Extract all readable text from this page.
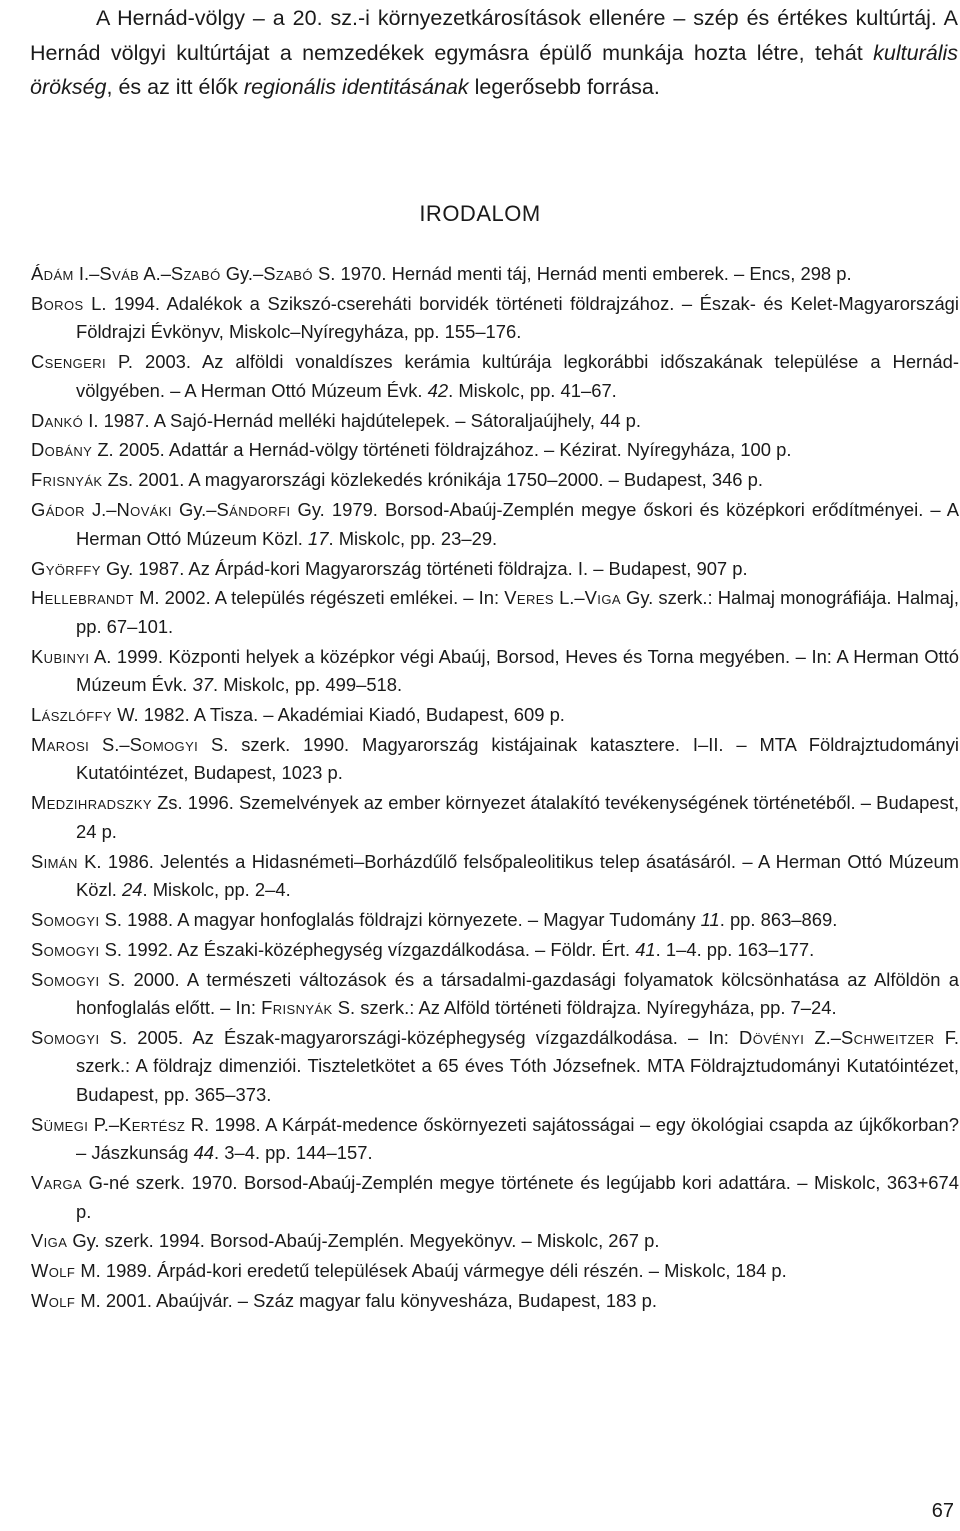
A Hernád-völgy – a 20. sz.-i környezetkárosítások ellenére – szép és értékes kultúrtáj. A Hernád völgyi kultúrtájat a nemzedékek egymásra épülő munkája hozta létre, tehát kulturális örökség, és az itt élők regionális identitásának legerősebb forrása.

IRODALOM
Ádám I.–Sváb A.–Szabó Gy.–Szabó S. 1970. Hernád menti táj, Hernád menti emberek. – Encs, 298 p.
Boros L. 1994. Adalékok a Szikszó-csereháti borvidék történeti földrajzához. – Észak- és Kelet-Magyarországi Földrajzi Évkönyv, Miskolc–Nyíregyháza, pp. 155–176.
Csengeri P. 2003. Az alföldi vonaldíszes kerámia kultúrája legkorábbi időszakának települése a Hernád-völgyében. – A Herman Ottó Múzeum Évk. 42. Miskolc, pp. 41–67.
Dankó I. 1987. A Sajó-Hernád melléki hajdútelepek. – Sátoraljaújhely, 44 p.
Dobány Z. 2005. Adattár a Hernád-völgy történeti földrajzához. – Kézirat. Nyíregyháza, 100 p.
Frisnyák Zs. 2001. A magyarországi közlekedés krónikája 1750–2000. – Budapest, 346 p.
Gádor J.–Nováki Gy.–Sándorfi Gy. 1979. Borsod-Abaúj-Zemplén megye őskori és középkori erődítményei. – A Herman Ottó Múzeum Közl. 17. Miskolc, pp. 23–29.
Györffy Gy. 1987. Az Árpád-kori Magyarország történeti földrajza. I. – Budapest, 907 p.
Hellebrandt M. 2002. A település régészeti emlékei. – In: Veres L.–Viga Gy. szerk.: Halmaj monográfiája. Halmaj, pp. 67–101.
Kubinyi A. 1999. Központi helyek a középkor végi Abaúj, Borsod, Heves és Torna megyében. – In: A Herman Ottó Múzeum Évk. 37. Miskolc, pp. 499–518.
Lászlóffy W. 1982. A Tisza. – Akadémiai Kiadó, Budapest, 609 p.
Marosi S.–Somogyi S. szerk. 1990. Magyarország kistájainak katasztere. I–II. – MTA Földrajztudományi Kutatóintézet, Budapest, 1023 p.
Medzihradszky Zs. 1996. Szemelvények az ember környezet átalakító tevékenységének történetéből. – Budapest, 24 p.
Simán K. 1986. Jelentés a Hidasnémeti–Borházdűlő felsőpaleolitikus telep ásatásáról. – A Herman Ottó Múzeum Közl. 24. Miskolc, pp. 2–4.
Somogyi S. 1988. A magyar honfoglalás földrajzi környezete. – Magyar Tudomány 11. pp. 863–869.
Somogyi S. 1992. Az Északi-középhegység vízgazdálkodása. – Földr. Ért. 41. 1–4. pp. 163–177.
Somogyi S. 2000. A természeti változások és a társadalmi-gazdasági folyamatok kölcsönhatása az Alföldön a honfoglalás előtt. – In: Frisnyák S. szerk.: Az Alföld történeti földrajza. Nyíregyháza, pp. 7–24.
Somogyi S. 2005. Az Észak-magyarországi-középhegység vízgazdálkodása. – In: Dövényi Z.–Schweitzer F. szerk.: A földrajz dimenziói. Tiszteletkötet a 65 éves Tóth Józsefnek. MTA Földrajztudományi Kutatóintézet, Budapest, pp. 365–373.
Sümegi P.–Kertész R. 1998. A Kárpát-medence őskörnyezeti sajátosságai – egy ökológiai csapda az újkőkorban? – Jászkunság 44. 3–4. pp. 144–157.
Varga G-né szerk. 1970. Borsod-Abaúj-Zemplén megye története és legújabb kori adattára. – Miskolc, 363+674 p.
Viga Gy. szerk. 1994. Borsod-Abaúj-Zemplén. Megyekönyv. – Miskolc, 267 p.
Wolf M. 1989. Árpád-kori eredetű települések Abaúj vármegye déli részén. – Miskolc, 184 p.
Wolf M. 2001. Abaújvár. – Száz magyar falu könyvesháza, Budapest, 183 p.
67
